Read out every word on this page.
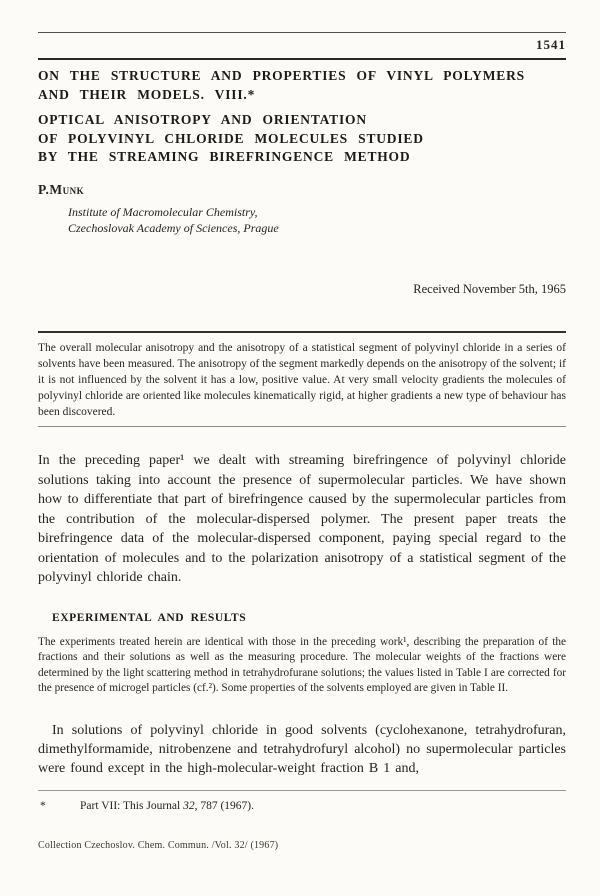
1541
ON THE STRUCTURE AND PROPERTIES OF VINYL POLYMERS
AND THEIR MODELS. VIII.*
OPTICAL ANISOTROPY AND ORIENTATION
OF POLYVINYL CHLORIDE MOLECULES STUDIED
BY THE STREAMING BIREFRINGENCE METHOD
P.Munk
Institute of Macromolecular Chemistry,
Czechoslovak Academy of Sciences, Prague
Received November 5th, 1965

The overall molecular anisotropy and the anisotropy of a statistical segment of polyvinyl chloride in a series of solvents have been measured. The anisotropy of the segment markedly depends on the anisotropy of the solvent; if it is not influenced by the solvent it has a low, positive value. At very small velocity gradients the molecules of polyvinyl chloride are oriented like molecules kinematically rigid, at higher gradients a new type of behaviour has been discovered.

In the preceding paper¹ we dealt with streaming birefringence of polyvinyl chloride solutions taking into account the presence of supermolecular particles. We have shown how to differentiate that part of birefringence caused by the supermolecular particles from the contribution of the molecular-dispersed polymer. The present paper treats the birefringence data of the molecular-dispersed component, paying special regard to the orientation of molecules and to the polarization anisotropy of a statistical segment of the polyvinyl chloride chain.

EXPERIMENTAL AND RESULTS

The experiments treated herein are identical with those in the preceding work¹, describing the preparation of the fractions and their solutions as well as the measuring procedure. The molecular weights of the fractions were determined by the light scattering method in tetrahydrofurane solutions; the values listed in Table I are corrected for the presence of microgel particles (cf.²). Some properties of the solvents employed are given in Table II.

In solutions of polyvinyl chloride in good solvents (cyclohexanone, tetrahydrofuran, dimethylformamide, nitrobenzene and tetrahydrofuryl alcohol) no supermolecular particles were found except in the high-molecular-weight fraction B 1 and,

*	Part VII: This Journal 32, 787 (1967).
Collection Czechoslov. Chem. Commun. /Vol. 32/ (1967)
